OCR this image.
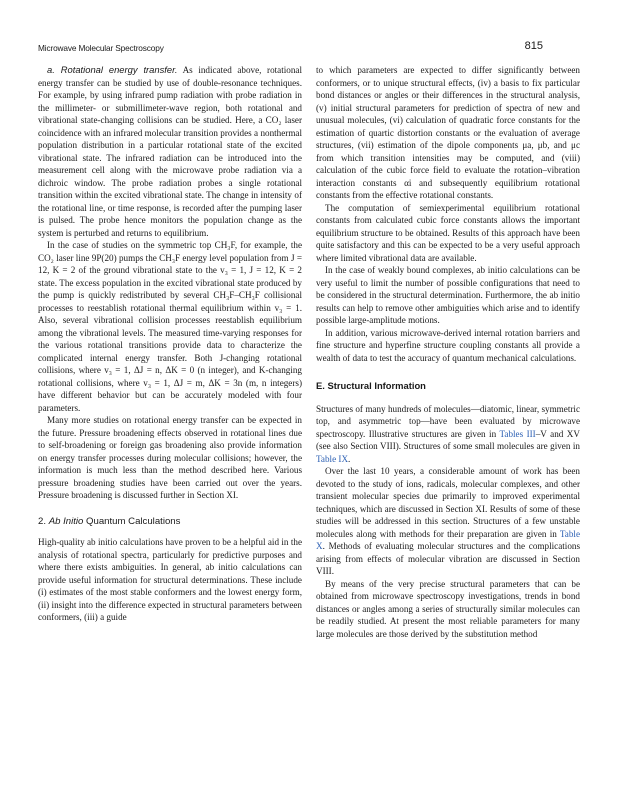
Microwave Molecular Spectroscopy	815

a. Rotational energy transfer. As indicated above, rotational energy transfer can be studied by use of double-resonance techniques. For example, by using infrared pump radiation with probe radiation in the millimeter- or submillimeter-wave region, both rotational and vibrational state-changing collisions can be studied. Here, a CO₂ laser coincidence with an infrared molecular transition provides a nonthermal population distribution in a particular rotational state of the excited vibrational state. The infrared radiation can be introduced into the measurement cell along with the microwave probe radiation via a dichroic window. The probe radiation probes a single rotational transition within the excited vibrational state. The change in intensity of the rotational line, or time response, is recorded after the pumping laser is pulsed. The probe hence monitors the population change as the system is perturbed and returns to equilibrium.

In the case of studies on the symmetric top CH₃F, for example, the CO₂ laser line 9P(20) pumps the CH₃F energy level population from J = 12, K = 2 of the ground vibrational state to the v₃ = 1, J = 12, K = 2 state. The excess population in the excited vibrational state produced by the pump is quickly redistributed by several CH₃F–CH₃F collisional processes to reestablish rotational thermal equilibrium within v₃ = 1. Also, several vibrational collision processes reestablish equilibrium among the vibrational levels. The measured time-varying responses for the various rotational transitions provide data to characterize the complicated internal energy transfer. Both J-changing rotational collisions, where v₃ = 1, ΔJ = n, ΔK = 0 (n integer), and K-changing rotational collisions, where v₃ = 1, ΔJ = m, ΔK = 3n (m, n integers) have different behavior but can be accurately modeled with four parameters.

Many more studies on rotational energy transfer can be expected in the future. Pressure broadening effects observed in rotational lines due to self-broadening or foreign gas broadening also provide information on energy transfer processes during molecular collisions; however, the information is much less than the method described here. Various pressure broadening studies have been carried out over the years. Pressure broadening is discussed further in Section XI.

2. Ab Initio Quantum Calculations

High-quality ab initio calculations have proven to be a helpful aid in the analysis of rotational spectra, particularly for predictive purposes and where there exists ambiguities. In general, ab initio calculations can provide useful information for structural determinations. These include (i) estimates of the most stable conformers and the lowest energy form, (ii) insight into the difference expected in structural parameters between conformers, (iii) a guide

to which parameters are expected to differ significantly between conformers, or to unique structural effects, (iv) a basis to fix particular bond distances or angles or their differences in the structural analysis, (v) initial structural parameters for prediction of spectra of new and unusual molecules, (vi) calculation of quadratic force constants for the estimation of quartic distortion constants or the evaluation of average structures, (vii) estimation of the dipole components μa, μb, and μc from which transition intensities may be computed, and (viii) calculation of the cubic force field to evaluate the rotation–vibration interaction constants αi and subsequently equilibrium rotational constants from the effective rotational constants.

The computation of semiexperimental equilibrium rotational constants from calculated cubic force constants allows the important equilibrium structure to be obtained. Results of this approach have been quite satisfactory and this can be expected to be a very useful approach where limited vibrational data are available.

In the case of weakly bound complexes, ab initio calculations can be very useful to limit the number of possible configurations that need to be considered in the structural determination. Furthermore, the ab initio results can help to remove other ambiguities which arise and to identify possible large-amplitude motions.

In addition, various microwave-derived internal rotation barriers and fine structure and hyperfine structure coupling constants all provide a wealth of data to test the accuracy of quantum mechanical calculations.

E. Structural Information

Structures of many hundreds of molecules—diatomic, linear, symmetric top, and asymmetric top—have been evaluated by microwave spectroscopy. Illustrative structures are given in Tables III–V and XV (see also Section VIII). Structures of some small molecules are given in Table IX.

Over the last 10 years, a considerable amount of work has been devoted to the study of ions, radicals, molecular complexes, and other transient molecular species due primarily to improved experimental techniques, which are discussed in Section XI. Results of some of these studies will be addressed in this section. Structures of a few unstable molecules along with methods for their preparation are given in Table X. Methods of evaluating molecular structures and the complications arising from effects of molecular vibration are discussed in Section VIII.

By means of the very precise structural parameters that can be obtained from microwave spectroscopy investigations, trends in bond distances or angles among a series of structurally similar molecules can be readily studied. At present the most reliable parameters for many large molecules are those derived by the substitution method
